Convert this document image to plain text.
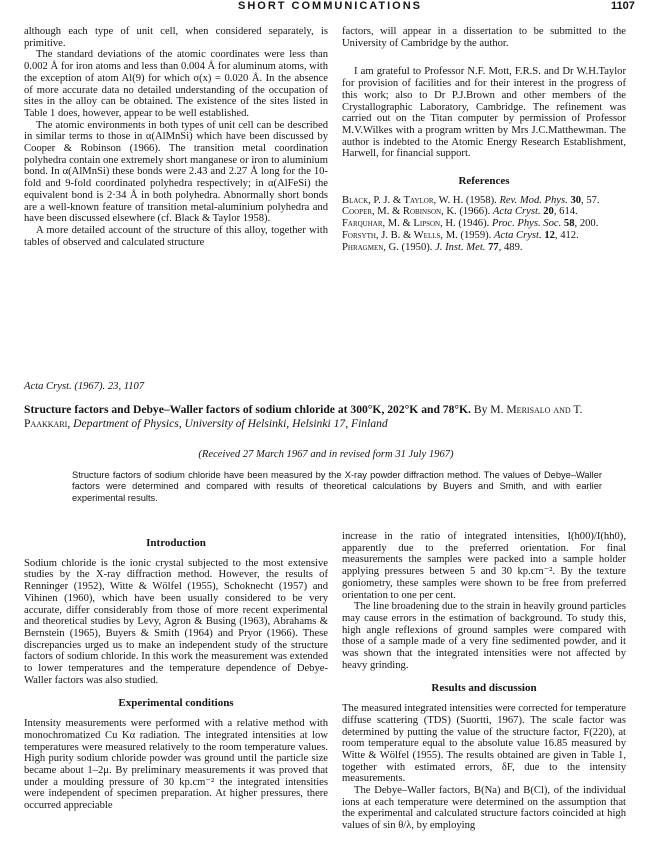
SHORT COMMUNICATIONS	1107

although each type of unit cell, when considered separately, is primitive.

The standard deviations of the atomic coordinates were less than 0.002 Å for iron atoms and less than 0.004 Å for aluminum atoms, with the exception of atom Al(9) for which σ(x) = 0.020 Å. In the absence of more accurate data no detailed understanding of the occupation of sites in the alloy can be obtained. The existence of the sites listed in Table 1 does, however, appear to be well established.

The atomic environments in both types of unit cell can be described in similar terms to those in α(AlMnSi) which have been discussed by Cooper & Robinson (1966). The transition metal coordination polyhedra contain one extremely short manganese or iron to aluminium bond. In α(AlMnSi) these bonds were 2.43 and 2.27 Å long for the 10-fold and 9-fold coordinated polyhedra respectively; in α(AlFeSi) the equivalent bond is 2·34 Å in both polyhedra. Abnormally short bonds are a well-known feature of transition metal-aluminium polyhedra and have been discussed elsewhere (cf. Black & Taylor 1958).

A more detailed account of the structure of this alloy, together with tables of observed and calculated structure

factors, will appear in a dissertation to be submitted to the University of Cambridge by the author.

I am grateful to Professor N.F. Mott, F.R.S. and Dr W.H.Taylor for provision of facilities and for their interest in the progress of this work; also to Dr P.J.Brown and other members of the Crystallographic Laboratory, Cambridge. The refinement was carried out on the Titan computer by permission of Professor M.V.Wilkes with a program written by Mrs J.C.Matthewman. The author is indebted to the Atomic Energy Research Establishment, Harwell, for financial support.

References
Black, P. J. & Taylor, W. H. (1958). Rev. Mod. Phys. 30, 57.
Cooper, M. & Robinson, K. (1966). Acta Cryst. 20, 614.
Farquhar, M. & Lipson, H. (1946). Proc. Phys. Soc. 58, 200.
Forsyth, J. B. & Wells, M. (1959). Acta Cryst. 12, 412.
Phragmen, G. (1950). J. Inst. Met. 77, 489.
Acta Cryst. (1967). 23, 1107
Structure factors and Debye–Waller factors of sodium chloride at 300°K, 202°K and 78°K. By M. Merisalo and T. Paakkari, Department of Physics, University of Helsinki, Helsinki 17, Finland
(Received 27 March 1967 and in revised form 31 July 1967)
Structure factors of sodium chloride have been measured by the X-ray powder diffraction method. The values of Debye–Waller factors were determined and compared with results of theoretical calculations by Buyers and Smith, and with earlier experimental results.
Introduction

Sodium chloride is the ionic crystal subjected to the most extensive studies by the X-ray diffraction method. However, the results of Renninger (1952), Witte & Wölfel (1955), Schoknecht (1957) and Vihinen (1960), which have been usually considered to be very accurate, differ considerably from those of more recent experimental and theoretical studies by Levy, Agron & Busing (1963), Abrahams & Bernstein (1965), Buyers & Smith (1964) and Pryor (1966). These discrepancies urged us to make an independent study of the structure factors of sodium chloride. In this work the measurement was extended to lower temperatures and the temperature dependence of Debye-Waller factors was also studied.

Experimental conditions

Intensity measurements were performed with a relative method with monochromatized Cu Kα radiation. The integrated intensities at low temperatures were measured relatively to the room temperature values. High purity sodium chloride powder was ground until the particle size became about 1–2μ. By preliminary measurements it was proved that under a moulding pressure of 30 kp.cm⁻² the integrated intensities were independent of specimen preparation. At higher pressures, there occurred appreciable

increase in the ratio of integrated intensities, I(h00)/I(hh0), apparently due to the preferred orientation. For final measurements the samples were packed into a sample holder applying pressures between 5 and 30 kp.cm⁻². By the texture goniometry, these samples were shown to be free from preferred orientation to one per cent.

The line broadening due to the strain in heavily ground particles may cause errors in the estimation of background. To study this, high angle reflexions of ground samples were compared with those of a sample made of a very fine sedimented powder, and it was shown that the integrated intensities were not affected by heavy grinding.

Results and discussion

The measured integrated intensities were corrected for temperature diffuse scattering (TDS) (Suortti, 1967). The scale factor was determined by putting the value of the structure factor, F(220), at room temperature equal to the absolute value 16.85 measured by Witte & Wölfel (1955). The results obtained are given in Table 1, together with estimated errors, δF, due to the intensity measurements.

The Debye–Waller factors, B(Na) and B(Cl), of the individual ions at each temperature were determined on the assumption that the experimental and calculated structure factors coincided at high values of sin θ/λ, by employing
